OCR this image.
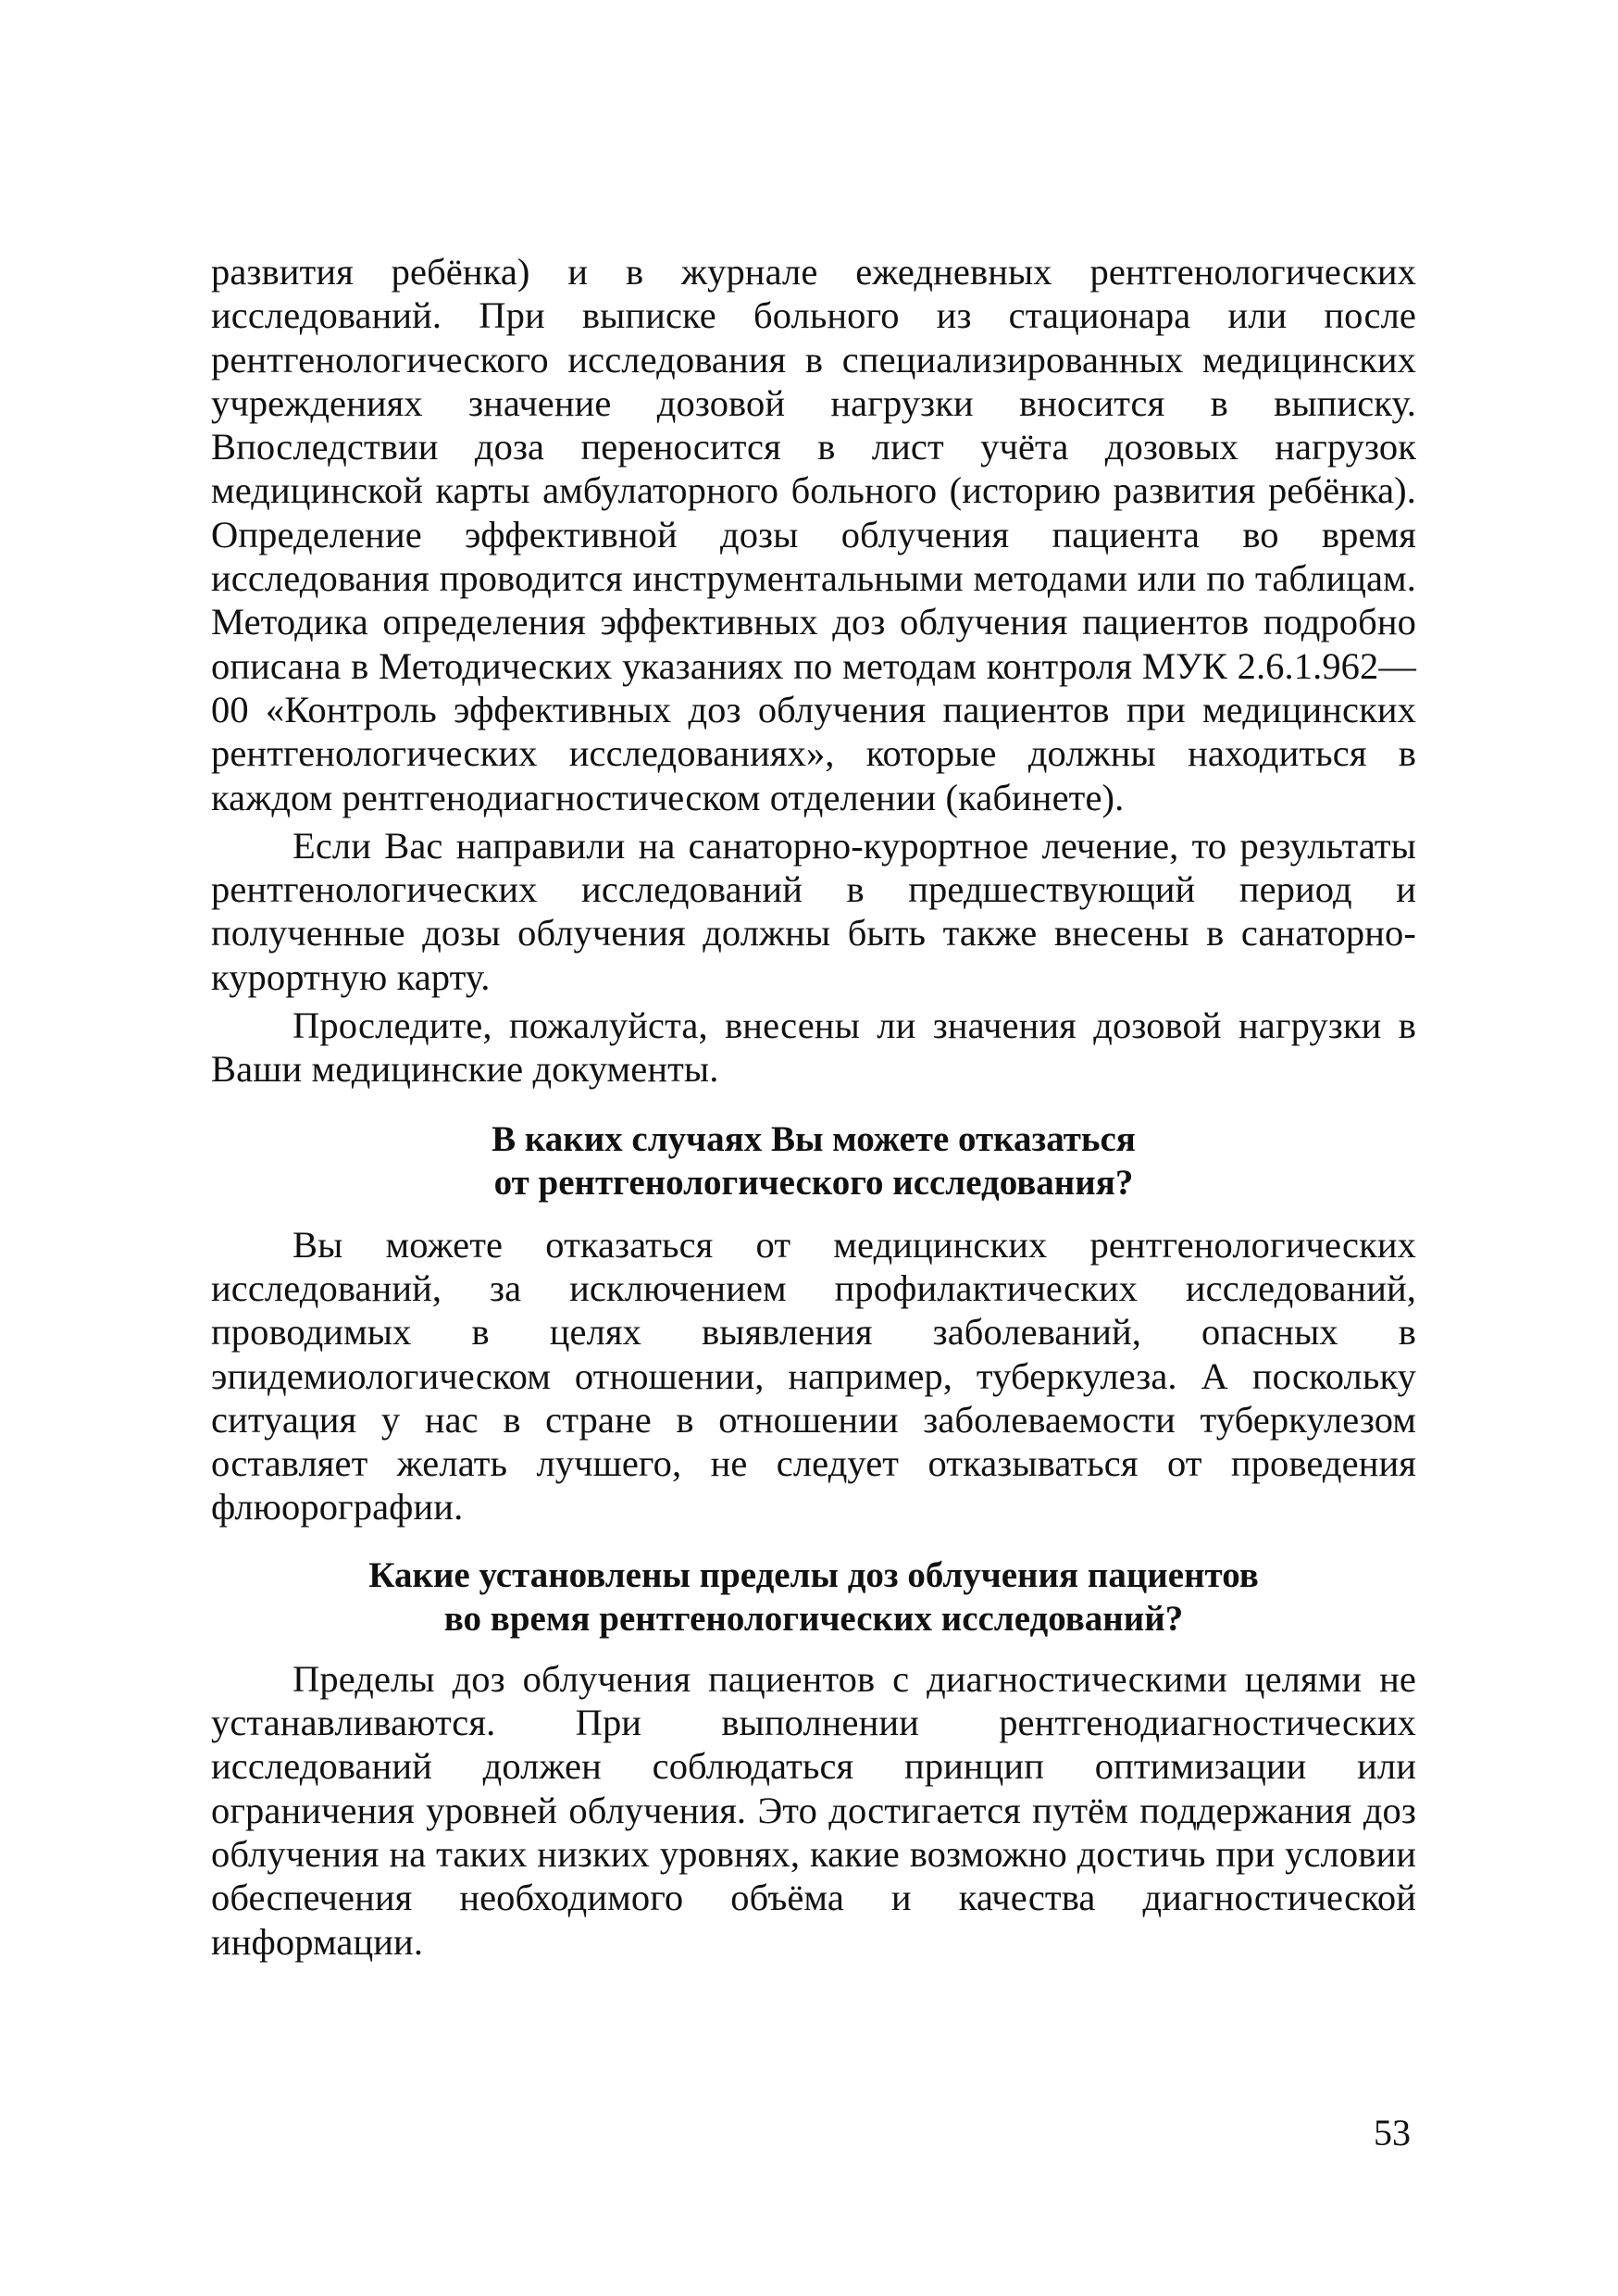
развития ребёнка) и в журнале ежедневных рентгенологических исследований. При выписке больного из стационара или после рентгенологического исследования в специализированных медицинских учреждениях значение дозовой нагрузки вносится в выписку. Впоследствии доза переносится в лист учёта дозовых нагрузок медицинской карты амбулаторного больного (историю развития ребёнка). Определение эффективной дозы облучения пациента во время исследования проводится инструментальными методами или по таблицам. Методика определения эффективных доз облучения пациентов подробно описана в Методических указаниях по методам контроля МУК 2.6.1.962—00 «Контроль эффективных доз облучения пациентов при медицинских рентгенологических исследованиях», которые должны находиться в каждом рентгенодиагностическом отделении (кабинете).

Если Вас направили на санаторно-курортное лечение, то результаты рентгенологических исследований в предшествующий период и полученные дозы облучения должны быть также внесены в санаторно-курортную карту.

Проследите, пожалуйста, внесены ли значения дозовой нагрузки в Ваши медицинские документы.

В каких случаях Вы можете отказаться
от рентгенологического исследования?

Вы можете отказаться от медицинских рентгенологических исследований, за исключением профилактических исследований, проводимых в целях выявления заболеваний, опасных в эпидемиологическом отношении, например, туберкулеза. А поскольку ситуация у нас в стране в отношении заболеваемости туберкулезом оставляет желать лучшего, не следует отказываться от проведения флюорографии.

Какие установлены пределы доз облучения пациентов
во время рентгенологических исследований?

Пределы доз облучения пациентов с диагностическими целями не устанавливаются. При выполнении рентгенодиагностических исследований должен соблюдаться принцип оптимизации или ограничения уровней облучения. Это достигается путём поддержания доз облучения на таких низких уровнях, какие возможно достичь при условии обеспечения необходимого объёма и качества диагностической информации.

53
